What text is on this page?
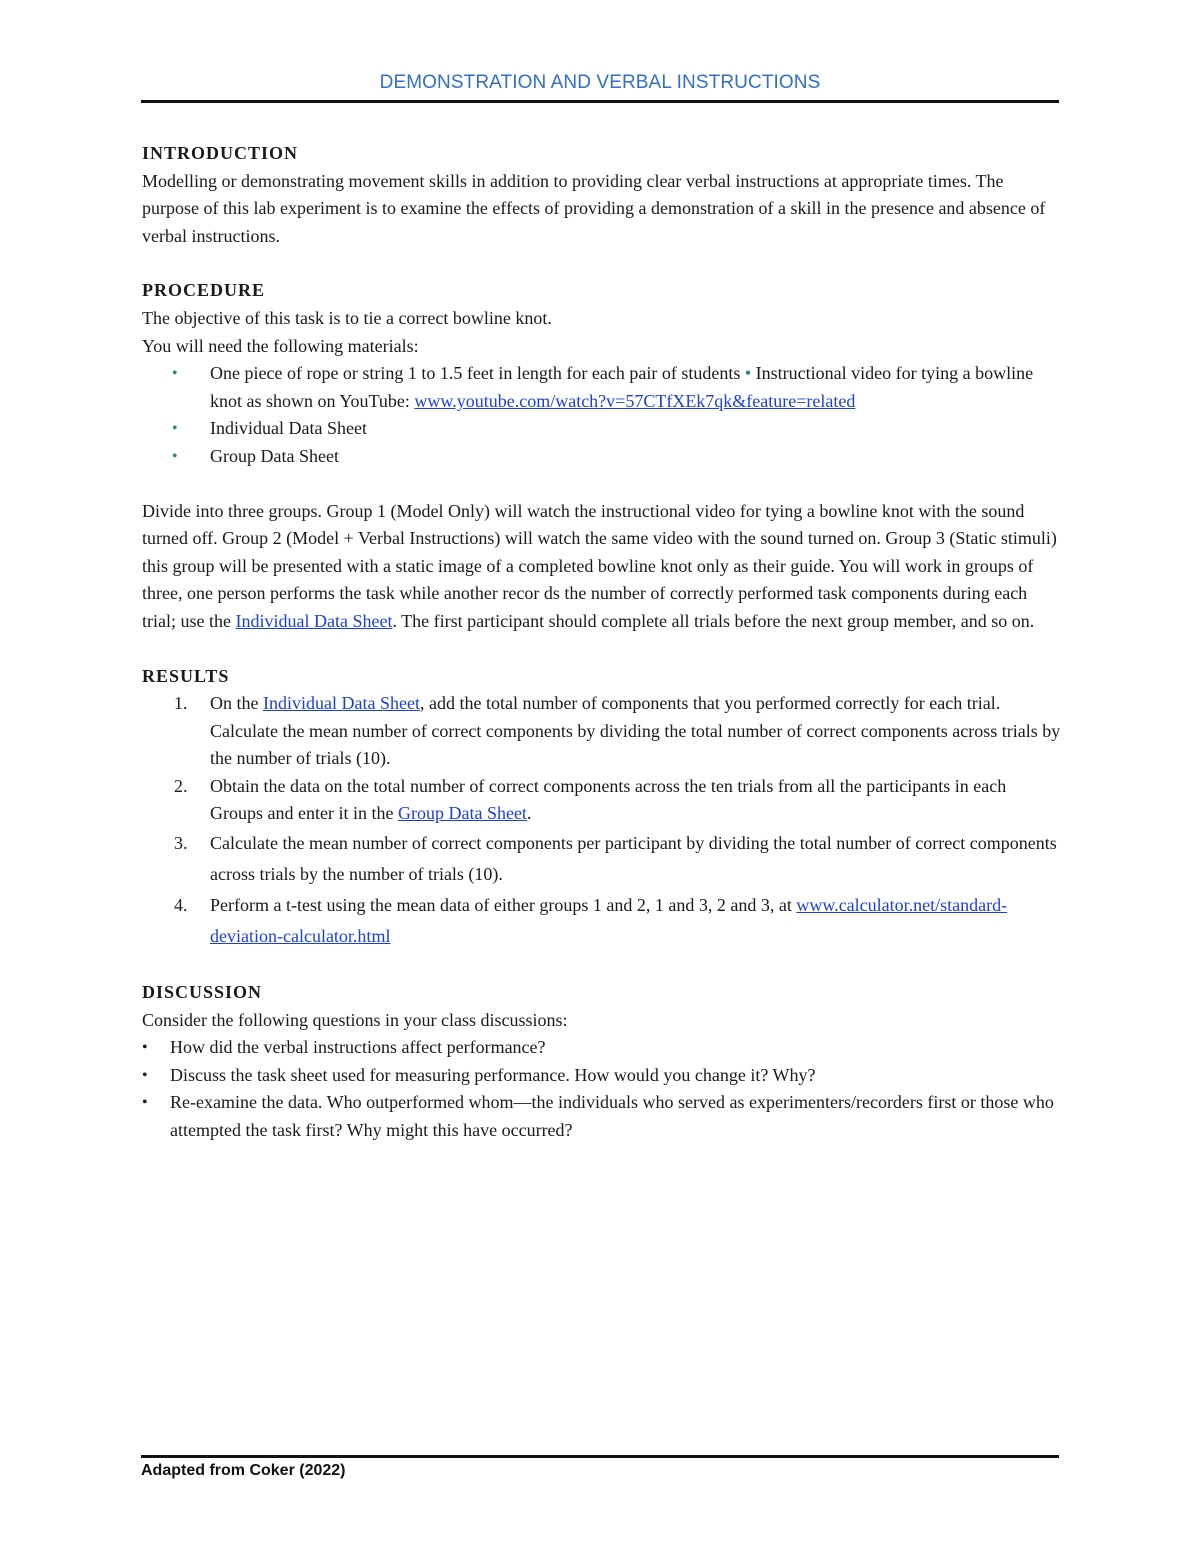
DEMONSTRATION AND VERBAL INSTRUCTIONS
INTRODUCTION

Modelling or demonstrating movement skills in addition to providing clear verbal instructions at appropriate times. The purpose of this lab experiment is to examine the effects of providing a demonstration of a skill in the presence and absence of verbal instructions.

PROCEDURE

The objective of this task is to tie a correct bowline knot.

You will need the following materials:

• One piece of rope or string 1 to 1.5 feet in length for each pair of students • Instructional video for tying a bowline knot as shown on YouTube: www.youtube.com/watch?v=57CTfXEk7qk&feature=related
• Individual Data Sheet
• Group Data Sheet

Divide into three groups. Group 1 (Model Only) will watch the instructional video for tying a bowline knot with the sound turned off. Group 2 (Model + Verbal Instructions) will watch the same video with the sound turned on. Group 3 (Static stimuli) this group will be presented with a static image of a completed bowline knot only as their guide. You will work in groups of three, one person performs the task while another recor ds the number of correctly performed task components during each trial; use the Individual Data Sheet. The first participant should complete all trials before the next group member, and so on.

RESULTS
1. On the Individual Data Sheet, add the total number of components that you performed correctly for each trial. Calculate the mean number of correct components by dividing the total number of correct components across trials by the number of trials (10).
2. Obtain the data on the total number of correct components across the ten trials from all the participants in each Groups and enter it in the Group Data Sheet.
3. Calculate the mean number of correct components per participant by dividing the total number of correct components across trials by the number of trials (10).
4. Perform a t-test using the mean data of either groups 1 and 2, 1 and 3, 2 and 3, at www.calculator.net/standard-deviation-calculator.html
DISCUSSION

Consider the following questions in your class discussions:

• How did the verbal instructions affect performance?
• Discuss the task sheet used for measuring performance. How would you change it? Why?
• Re-examine the data. Who outperformed whom—the individuals who served as experimenters/recorders first or those who attempted the task first? Why might this have occurred?
Adapted from Coker (2022)
